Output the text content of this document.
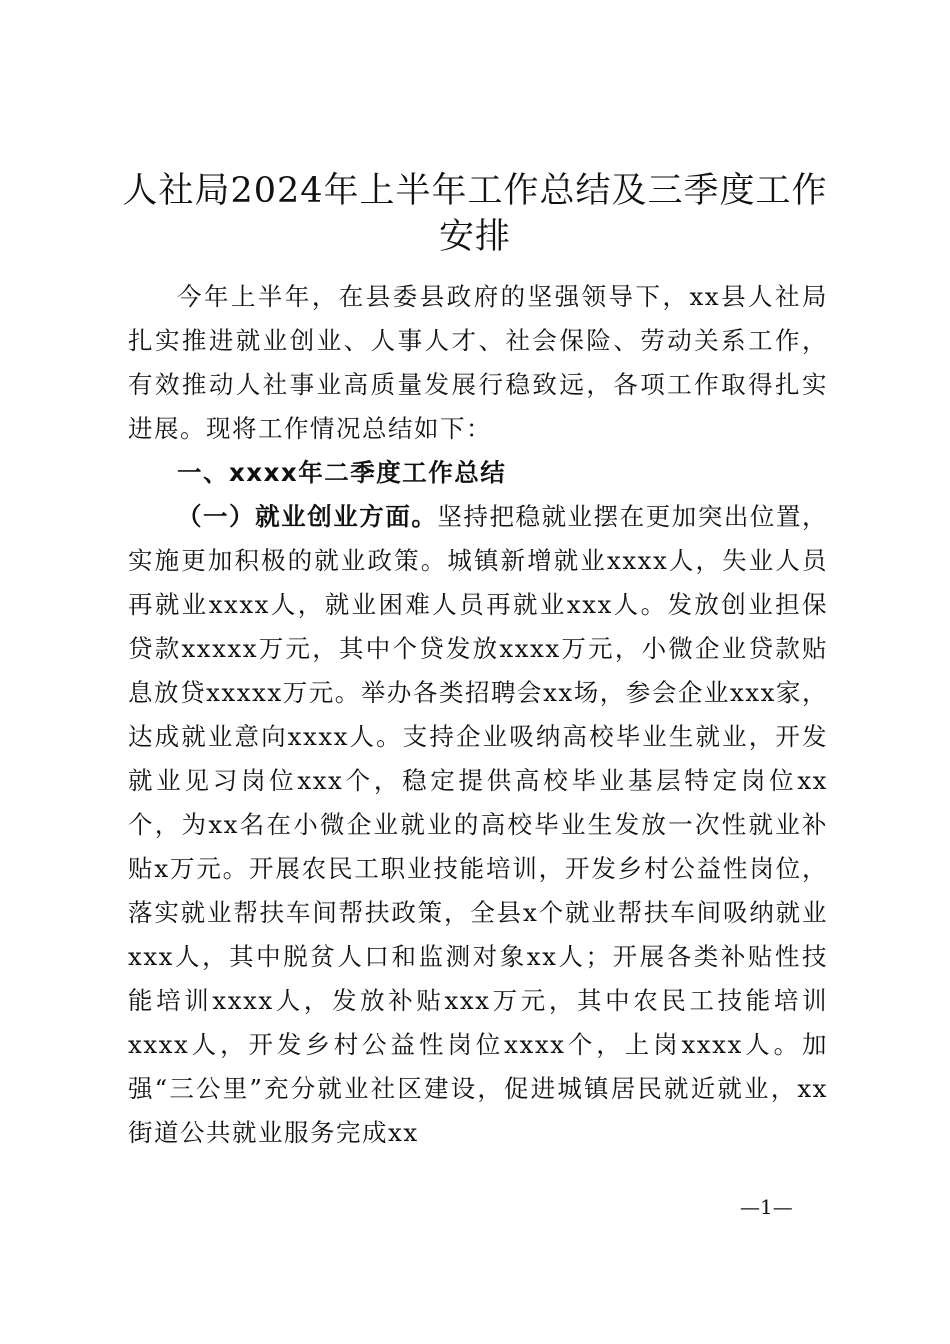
人社局2024年上半年工作总结及三季度工作安排

今年上半年，在县委县政府的坚强领导下，xx县人社局扎实推进就业创业、人事人才、社会保险、劳动关系工作，有效推动人社事业高质量发展行稳致远，各项工作取得扎实进展。现将工作情况总结如下：

一、xxxx年二季度工作总结

（一）就业创业方面。坚持把稳就业摆在更加突出位置，实施更加积极的就业政策。城镇新增就业xxxx人，失业人员再就业xxxx人，就业困难人员再就业xxx人。发放创业担保贷款xxxxx万元，其中个贷发放xxxx万元，小微企业贷款贴息放贷xxxxx万元。举办各类招聘会xx场，参会企业xxx家，达成就业意向xxxx人。支持企业吸纳高校毕业生就业，开发就业见习岗位xxx个，稳定提供高校毕业基层特定岗位xx个，为xx名在小微企业就业的高校毕业生发放一次性就业补贴x万元。开展农民工职业技能培训，开发乡村公益性岗位，落实就业帮扶车间帮扶政策，全县x个就业帮扶车间吸纳就业xxx人，其中脱贫人口和监测对象xx人；开展各类补贴性技能培训xxxx人，发放补贴xxx万元，其中农民工技能培训xxxx人，开发乡村公益性岗位xxxx个，上岗xxxx人。加强“三公里”充分就业社区建设，促进城镇居民就近就业，xx街道公共就业服务完成xx

—1—
